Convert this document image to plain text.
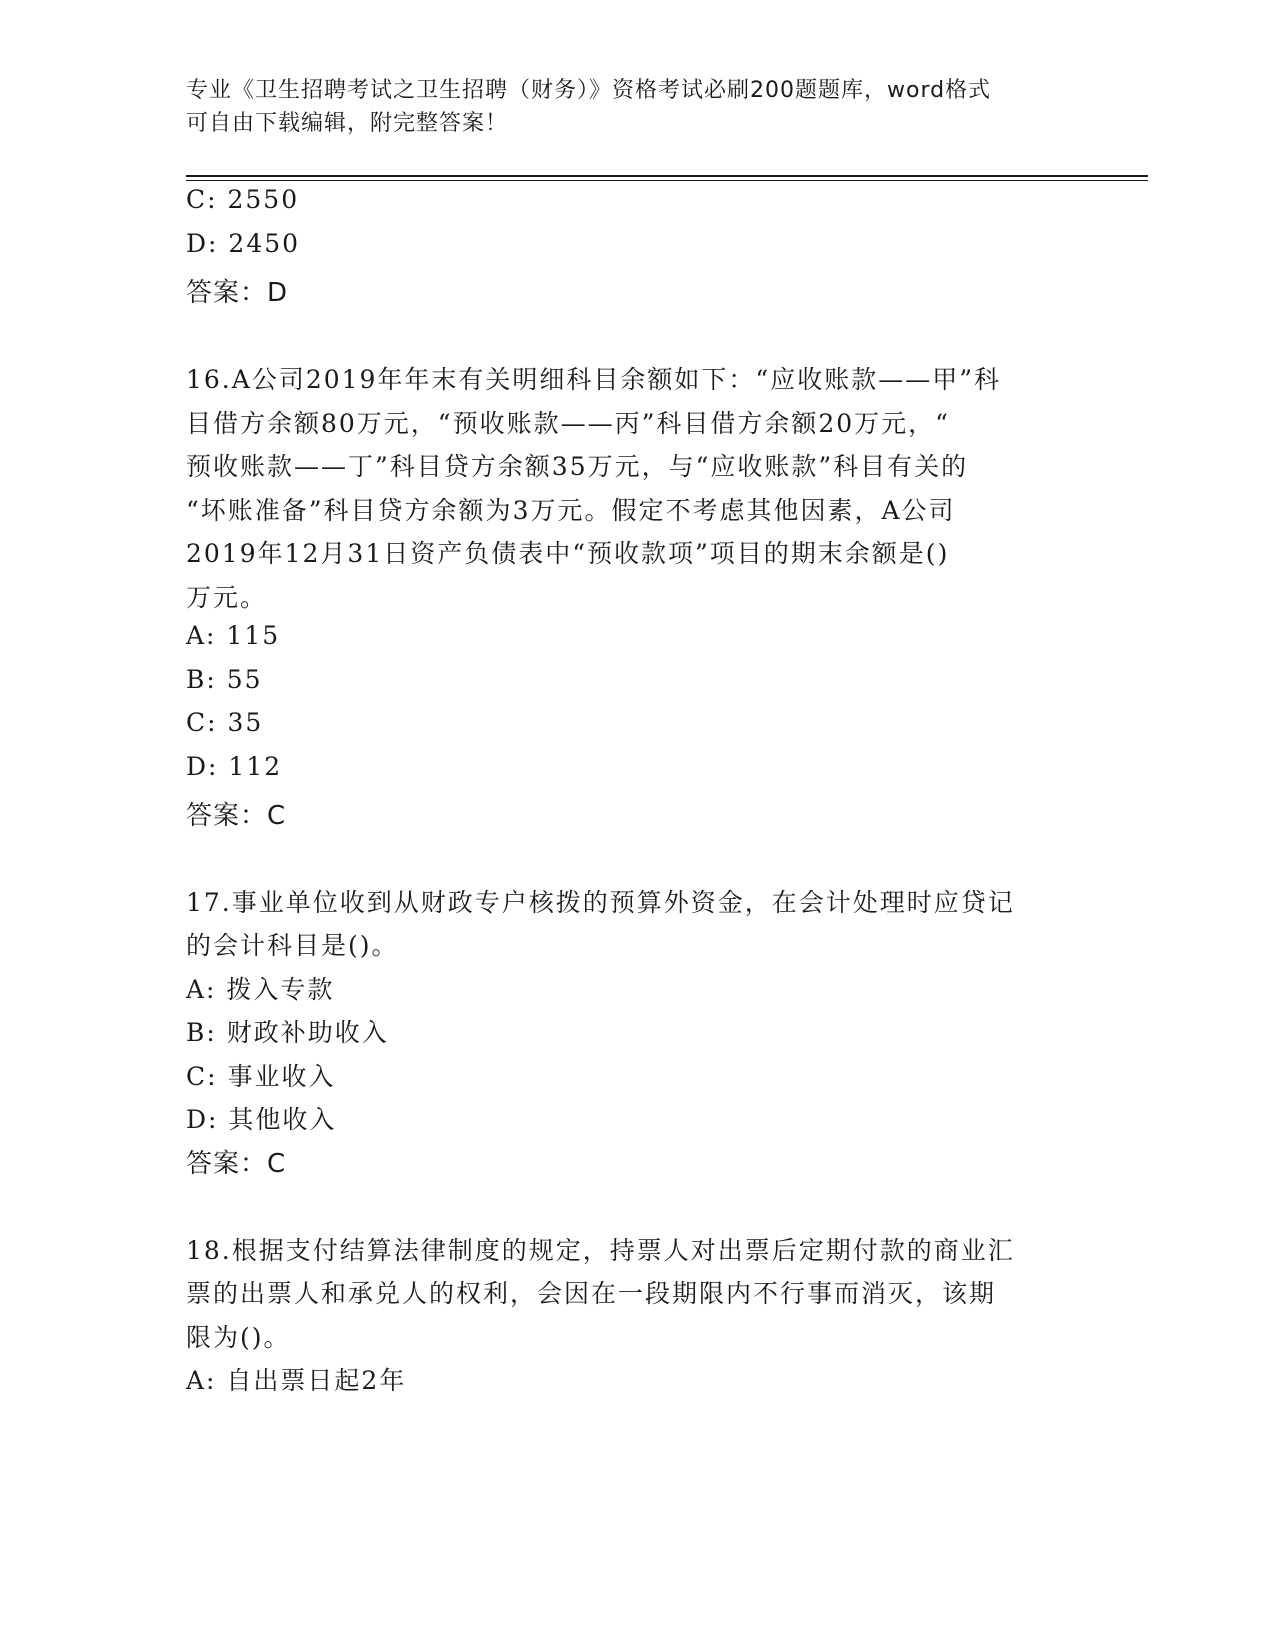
专业《卫生招聘考试之卫生招聘（财务）》资格考试必刷200题题库，word格式
可自由下载编辑，附完整答案！
C: 2550
D: 2450
答案：D
16.A公司2019年年末有关明细科目余额如下：“应收账款——甲”科
目借方余额80万元，“预收账款——丙”科目借方余额20万元，“
预收账款——丁”科目贷方余额35万元，与“应收账款”科目有关的
“坏账准备”科目贷方余额为3万元。假定不考虑其他因素，A公司
2019年12月31日资产负债表中“预收款项”项目的期末余额是()
万元。
A: 115
B: 55
C: 35
D: 112
答案：C
17.事业单位收到从财政专户核拨的预算外资金，在会计处理时应贷记
的会计科目是()。
A: 拨入专款
B: 财政补助收入
C: 事业收入
D: 其他收入
答案：C
18.根据支付结算法律制度的规定，持票人对出票后定期付款的商业汇
票的出票人和承兑人的权利，会因在一段期限内不行事而消灭，该期
限为()。
A: 自出票日起2年
